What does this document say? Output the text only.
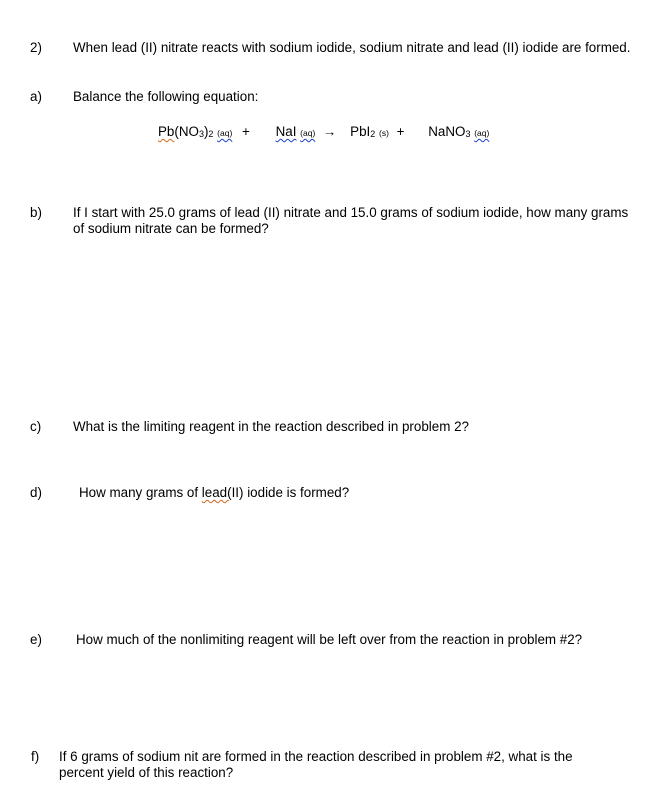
2) When lead (II) nitrate reacts with sodium iodide, sodium nitrate and lead (II) iodide are formed.
a) Balance the following equation:
Pb(NO3)2 (aq) + NaI (aq) → PbI2 (s) + NaNO3 (aq)
b) If I start with 25.0 grams of lead (II) nitrate and 15.0 grams of sodium iodide, how many grams of sodium nitrate can be formed?
c) What is the limiting reagent in the reaction described in problem 2?
d)	How many grams of lead(II) iodide is formed?
e)	How much of the nonlimiting reagent will be left over from the reaction in problem #2?
f)	If 6 grams of sodium nit are formed in the reaction described in problem #2, what is the percent yield of this reaction?
